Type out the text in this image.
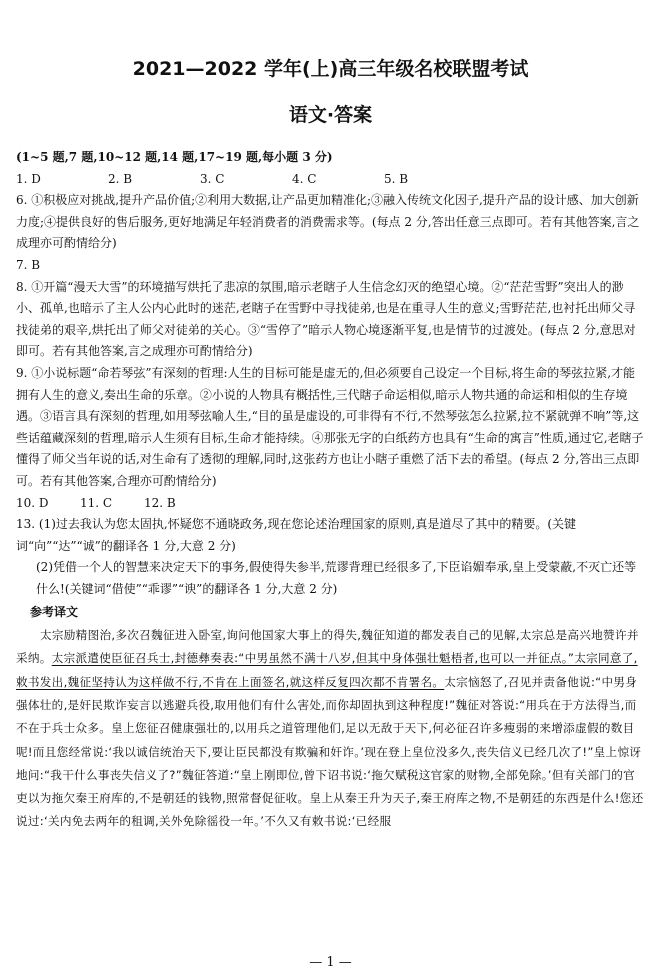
2021—2022 学年(上)高三年级名校联盟考试
语文·答案

(1~5 题,7 题,10~12 题,14 题,17~19 题,每小题 3 分)

1. D	2. B	3. C	4. C	5. B

6. ①积极应对挑战,提升产品价值;②利用大数据,让产品更加精准化;③融入传统文化因子,提升产品的设计感、加大创新力度;④提供良好的售后服务,更好地满足年轻消费者的消费需求等。(每点 2 分,答出任意三点即可。若有其他答案,言之成理亦可酌情给分)

7. B

8. ①开篇“漫天大雪”的环境描写烘托了悲凉的氛围,暗示老瞎子人生信念幻灭的绝望心境。②“茫茫雪野”突出人的渺小、孤单,也暗示了主人公内心此时的迷茫,老瞎子在雪野中寻找徒弟,也是在重寻人生的意义;雪野茫茫,也衬托出师父寻找徒弟的艰辛,烘托出了师父对徒弟的关心。③“雪停了”暗示人物心境逐渐平复,也是情节的过渡处。(每点 2 分,意思对即可。若有其他答案,言之成理亦可酌情给分)

9. ①小说标题“命若琴弦”有深刻的哲理:人生的目标可能是虚无的,但必须要自己设定一个目标,将生命的琴弦拉紧,才能拥有人生的意义,奏出生命的乐章。②小说的人物具有概括性,三代瞎子命运相似,暗示人物共通的命运和相似的生存境遇。③语言具有深刻的哲理,如用琴弦喻人生,“目的虽是虚设的,可非得有不行,不然琴弦怎么拉紧,拉不紧就弹不响”等,这些话蕴藏深刻的哲理,暗示人生须有目标,生命才能持续。④那张无字的白纸药方也具有“生命的寓言”性质,通过它,老瞎子懂得了师父当年说的话,对生命有了透彻的理解,同时,这张药方也让小瞎子重燃了活下去的希望。(每点 2 分,答出三点即可。若有其他答案,合理亦可酌情给分)

10. D	11. C	12. B

13. (1)过去我认为您太固执,怀疑您不通晓政务,现在您论述治理国家的原则,真是道尽了其中的精要。(关键词“向”“达”“诚”的翻译各 1 分,大意 2 分)

(2)凭借一个人的智慧来决定天下的事务,假使得失参半,荒谬背理已经很多了,下臣谄媚奉承,皇上受蒙蔽,不灭亡还等什么!(关键词“借使”“乖谬”“谀”的翻译各 1 分,大意 2 分)

参考译文

太宗励精图治,多次召魏征进入卧室,询问他国家大事上的得失,魏征知道的都发表自己的见解,太宗总是高兴地赞许并采纳。太宗派遣使臣征召兵士,封德彝奏表:“中男虽然不满十八岁,但其中身体强壮魁梧者,也可以一并征点。”太宗同意了,敕书发出,魏征坚持认为这样做不行,不肯在上面签名,就这样反复四次都不肯署名。太宗恼怒了,召见并责备他说:“中男身强体壮的,是奸民欺诈妄言以逃避兵役,取用他们有什么害处,而你却固执到这种程度!”魏征对答说:“用兵在于方法得当,而不在于兵士众多。皇上您征召健康强壮的,以用兵之道管理他们,足以无敌于天下,何必征召许多瘦弱的来增添虚假的数目呢!而且您经常说:‘我以诚信统治天下,要让臣民都没有欺骗和奸诈。’现在登上皇位没多久,丧失信义已经几次了!”皇上惊讶地问:“我干什么事丧失信义了?”魏征答道:“皇上刚即位,曾下诏书说:‘拖欠赋税这官家的财物,全部免除。’但有关部门的官吏以为拖欠秦王府库的,不是朝廷的钱物,照常督促征收。皇上从秦王升为天子,秦王府库之物,不是朝廷的东西是什么!您还说过:‘关内免去两年的租调,关外免除徭役一年。’不久又有敕书说:‘已经服

— 1 —
